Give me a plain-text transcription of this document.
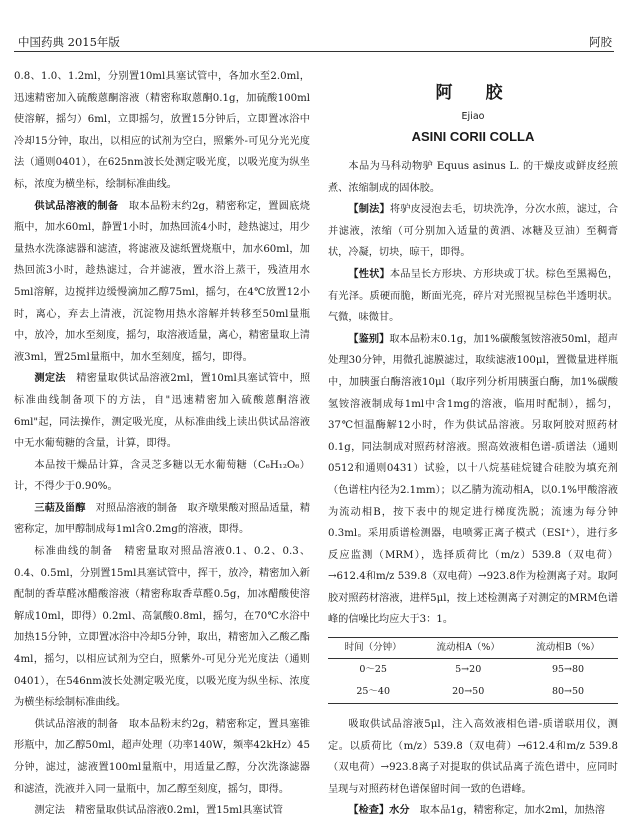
中国药典 2015年版	阿胶

0.8、1.0、1.2ml，分别置10ml具塞试管中，各加水至2.0ml，迅速精密加入硫酸蒽酮溶液（精密称取蒽酮0.1g，加硫酸100ml使溶解，摇匀）6ml，立即摇匀，放置15分钟后，立即置冰浴中冷却15分钟，取出，以相应的试剂为空白，照紫外-可见分光光度法（通则0401），在625nm波长处测定吸光度，以吸光度为纵坐标，浓度为横坐标，绘制标准曲线。

供试品溶液的制备　 取本品粉末约2g，精密称定，置圆底烧瓶中，加水60ml，静置1小时，加热回流4小时，趁热滤过，用少量热水洗涤滤器和滤渣，将滤液及滤纸置烧瓶中，加水60ml，加热回流3小时，趁热滤过，合并滤液，置水浴上蒸干，残渣用水5ml溶解，边搅拌边缓慢滴加乙醇75ml，摇匀，在4℃放置12小时，离心，弃去上清液，沉淀物用热水溶解并转移至50ml量瓶中，放冷，加水至刻度，摇匀，取溶液适量，离心，精密量取上清液3ml，置25ml量瓶中，加水至刻度，摇匀，即得。

测定法　 精密量取供试品溶液2ml，置10ml具塞试管中，照标准曲线制备项下的方法，自"迅速精密加入硫酸蒽酮溶液6ml"起，同法操作，测定吸光度，从标准曲线上读出供试品溶液中无水葡萄糖的含量，计算，即得。

本品按干燥品计算，含灵芝多糖以无水葡萄糖（C₆H₁₂O₆）计，不得少于0.90%。

三萜及甾醇　 对照品溶液的制备　取齐墩果酸对照品适量，精密称定，加甲醇制成每1ml含0.2mg的溶液，即得。

标准曲线的制备　 精密量取对照品溶液0.1、0.2、0.3、0.4、0.5ml，分别置15ml具塞试管中，挥干，放冷，精密加入新配制的香草醛冰醋酸溶液（精密称取香草醛0.5g，加冰醋酸使溶解成10ml，即得）0.2ml、高氯酸0.8ml，摇匀，在70℃水浴中加热15分钟，立即置冰浴中冷却5分钟，取出，精密加入乙酸乙酯4ml，摇匀，以相应试剂为空白，照紫外-可见分光光度法（通则0401），在546nm波长处测定吸光度，以吸光度为纵坐标、浓度为横坐标绘制标准曲线。

供试品溶液的制备　 取本品粉末约2g，精密称定，置具塞锥形瓶中，加乙醇50ml，超声处理（功率140W，频率42kHz）45分钟，滤过，滤液置100ml量瓶中，用适量乙醇，分次洗涤滤器和滤渣，洗液并入同一量瓶中，加乙醇至刻度，摇匀，即得。

测定法　 精密量取供试品溶液0.2ml，置15ml具塞试管

阿　胶
Ejiao
ASINI CORII COLLA

本品为马科动物驴 Equus asinus L. 的干燥皮或鲜皮经煎煮、浓缩制成的固体胶。

【制法】将驴皮浸泡去毛，切块洗净，分次水煎，滤过，合并滤液，浓缩（可分别加入适量的黄酒、冰糖及豆油）至稠膏状，冷凝，切块，晾干，即得。

【性状】本品呈长方形块、方形块或丁状。棕色至黑褐色，有光泽。质硬而脆，断面光亮，碎片对光照视呈棕色半透明状。气微，味微甘。

【鉴别】取本品粉末0.1g，加1%碳酸氢铵溶液50ml，超声处理30分钟，用微孔滤膜滤过，取续滤液100μl，置微量进样瓶中，加胰蛋白酶溶液10μl（取序列分析用胰蛋白酶，加1%碳酸氢铵溶液制成每1ml中含1mg的溶液，临用时配制），摇匀，37℃恒温酶解12小时，作为供试品溶液。另取阿胶对照药材0.1g，同法制成对照药材溶液。照高效液相色谱-质谱法（通则0512和通则0431）试验，以十八烷基硅烷键合硅胶为填充剂（色谱柱内径为2.1mm）；以乙腈为流动相A，以0.1%甲酸溶液为流动相B，按下表中的规定进行梯度洗脱；流速为每分钟0.3ml。采用质谱检测器，电喷雾正离子模式（ESI⁺），进行多反应监测（MRM），选择质荷比（m/z）539.8（双电荷）→612.4和m/z 539.8（双电荷）→923.8作为检测离子对。取阿胶对照药材溶液，进样5μl，按上述检测离子对测定的MRM色谱峰的信噪比均应大于3：1。

时间（分钟）	流动相A（%）	流动相B（%）
0～25	5→20	95→80
25～40	20→50	80→50

吸取供试品溶液5μl，注入高效液相色谱-质谱联用仪，测定。以质荷比（m/z）539.8（双电荷）→612.4和m/z 539.8（双电荷）→923.8离子对提取的供试品离子流色谱中，应同时呈现与对照药材色谱保留时间一致的色谱峰。

【检查】水分　 取本品1g，精密称定，加水2ml，加热溶
